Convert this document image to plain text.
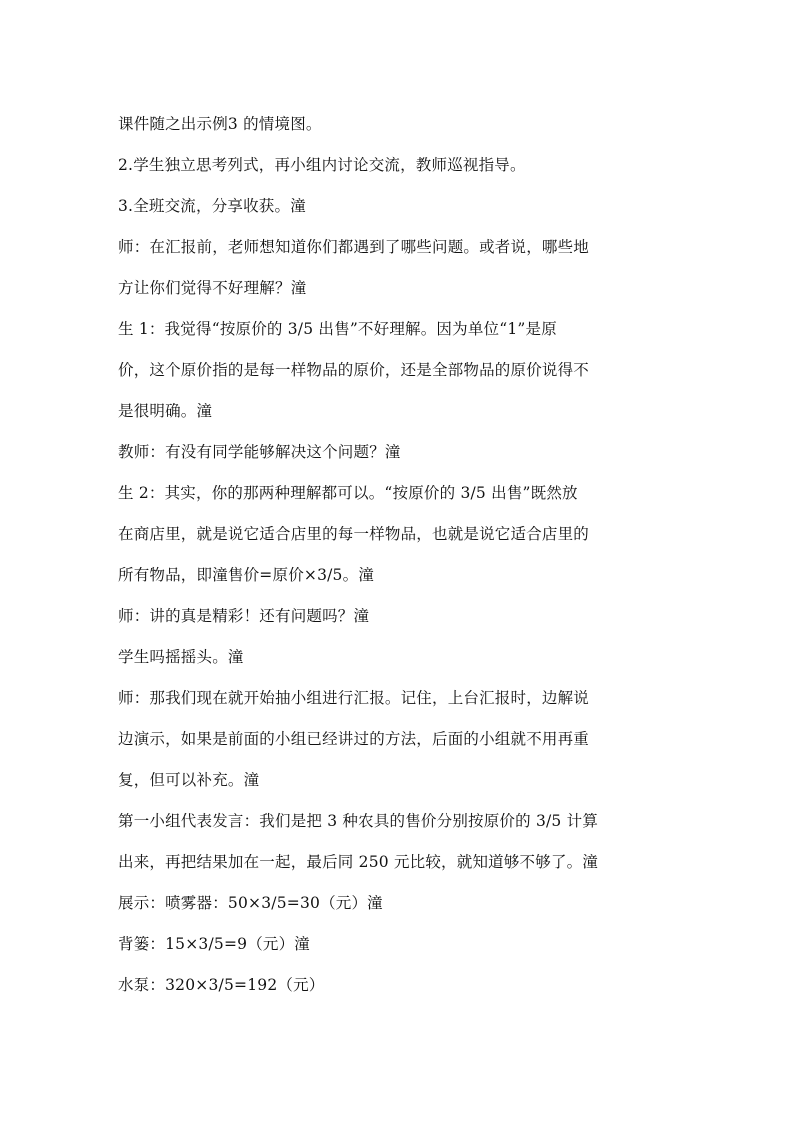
课件随之出示例3 的情境图。
2.学生独立思考列式，再小组内讨论交流，教师巡视指导。
3.全班交流，分享收获。潼
师：在汇报前，老师想知道你们都遇到了哪些问题。或者说，哪些地
方让你们觉得不好理解？潼
生 1：我觉得“按原价的 3/5 出售”不好理解。因为单位“1”是原
价，这个原价指的是每一样物品的原价，还是全部物品的原价说得不
是很明确。潼
教师：有没有同学能够解决这个问题？潼
生 2：其实，你的那两种理解都可以。“按原价的 3/5 出售”既然放
在商店里，就是说它适合店里的每一样物品，也就是说它适合店里的
所有物品，即潼售价=原价×3/5。潼
师：讲的真是精彩！还有问题吗？潼
学生吗摇摇头。潼
师：那我们现在就开始抽小组进行汇报。记住，上台汇报时，边解说
边演示，如果是前面的小组已经讲过的方法，后面的小组就不用再重
复，但可以补充。潼
第一小组代表发言：我们是把 3 种农具的售价分别按原价的 3/5 计算
出来，再把结果加在一起，最后同 250 元比较，就知道够不够了。潼
展示：喷雾器：50×3/5=30（元）潼
背篓：15×3/5=9（元）潼
水泵：320×3/5=192（元）
